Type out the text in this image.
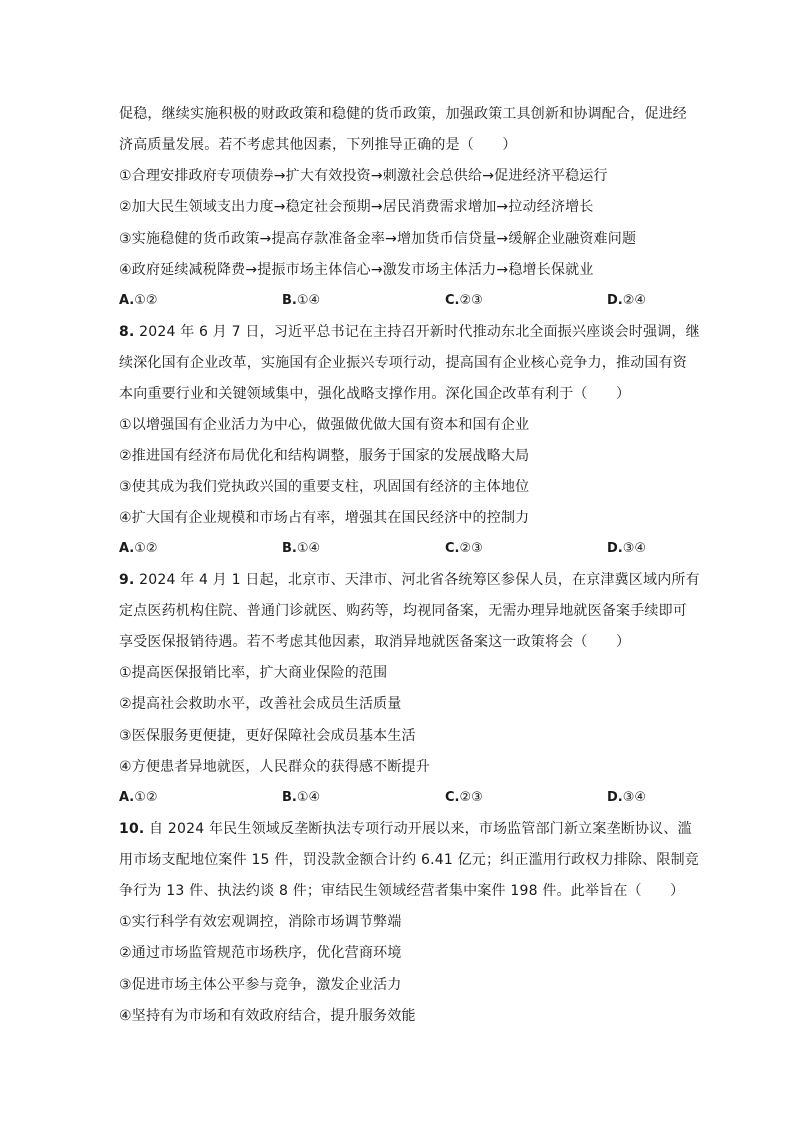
促稳，继续实施积极的财政政策和稳健的货币政策，加强政策工具创新和协调配合，促进经
济高质量发展。若不考虑其他因素，下列推导正确的是（　　）
①合理安排政府专项债券→扩大有效投资→刺激社会总供给→促进经济平稳运行
②加大民生领域支出力度→稳定社会预期→居民消费需求增加→拉动经济增长
③实施稳健的货币政策→提高存款准备金率→增加货币信贷量→缓解企业融资难问题
④政府延续减税降费→提振市场主体信心→激发市场主体活力→稳增长保就业
A.①②	B.①④	C.②③	D.②④
8. 2024 年 6 月 7 日，习近平总书记在主持召开新时代推动东北全面振兴座谈会时强调，继
续深化国有企业改革，实施国有企业振兴专项行动，提高国有企业核心竞争力，推动国有资
本向重要行业和关键领域集中，强化战略支撑作用。深化国企改革有利于（　　）
①以增强国有企业活力为中心，做强做优做大国有资本和国有企业
②推进国有经济布局优化和结构调整，服务于国家的发展战略大局
③使其成为我们党执政兴国的重要支柱，巩固国有经济的主体地位
④扩大国有企业规模和市场占有率，增强其在国民经济中的控制力
A.①②	B.①④	C.②③	D.③④
9. 2024 年 4 月 1 日起，北京市、天津市、河北省各统筹区参保人员，在京津冀区域内所有
定点医药机构住院、普通门诊就医、购药等，均视同备案，无需办理异地就医备案手续即可
享受医保报销待遇。若不考虑其他因素，取消异地就医备案这一政策将会（　　）
①提高医保报销比率，扩大商业保险的范围
②提高社会救助水平，改善社会成员生活质量
③医保服务更便捷，更好保障社会成员基本生活
④方便患者异地就医，人民群众的获得感不断提升
A.①②	B.①④	C.②③	D.③④
10. 自 2024 年民生领域反垄断执法专项行动开展以来，市场监管部门新立案垄断协议、滥
用市场支配地位案件 15 件，罚没款金额合计约 6.41 亿元；纠正滥用行政权力排除、限制竞
争行为 13 件、执法约谈 8 件；审结民生领域经营者集中案件 198 件。此举旨在（　　）
①实行科学有效宏观调控，消除市场调节弊端
②通过市场监管规范市场秩序，优化营商环境
③促进市场主体公平参与竞争，激发企业活力
④坚持有为市场和有效政府结合，提升服务效能
